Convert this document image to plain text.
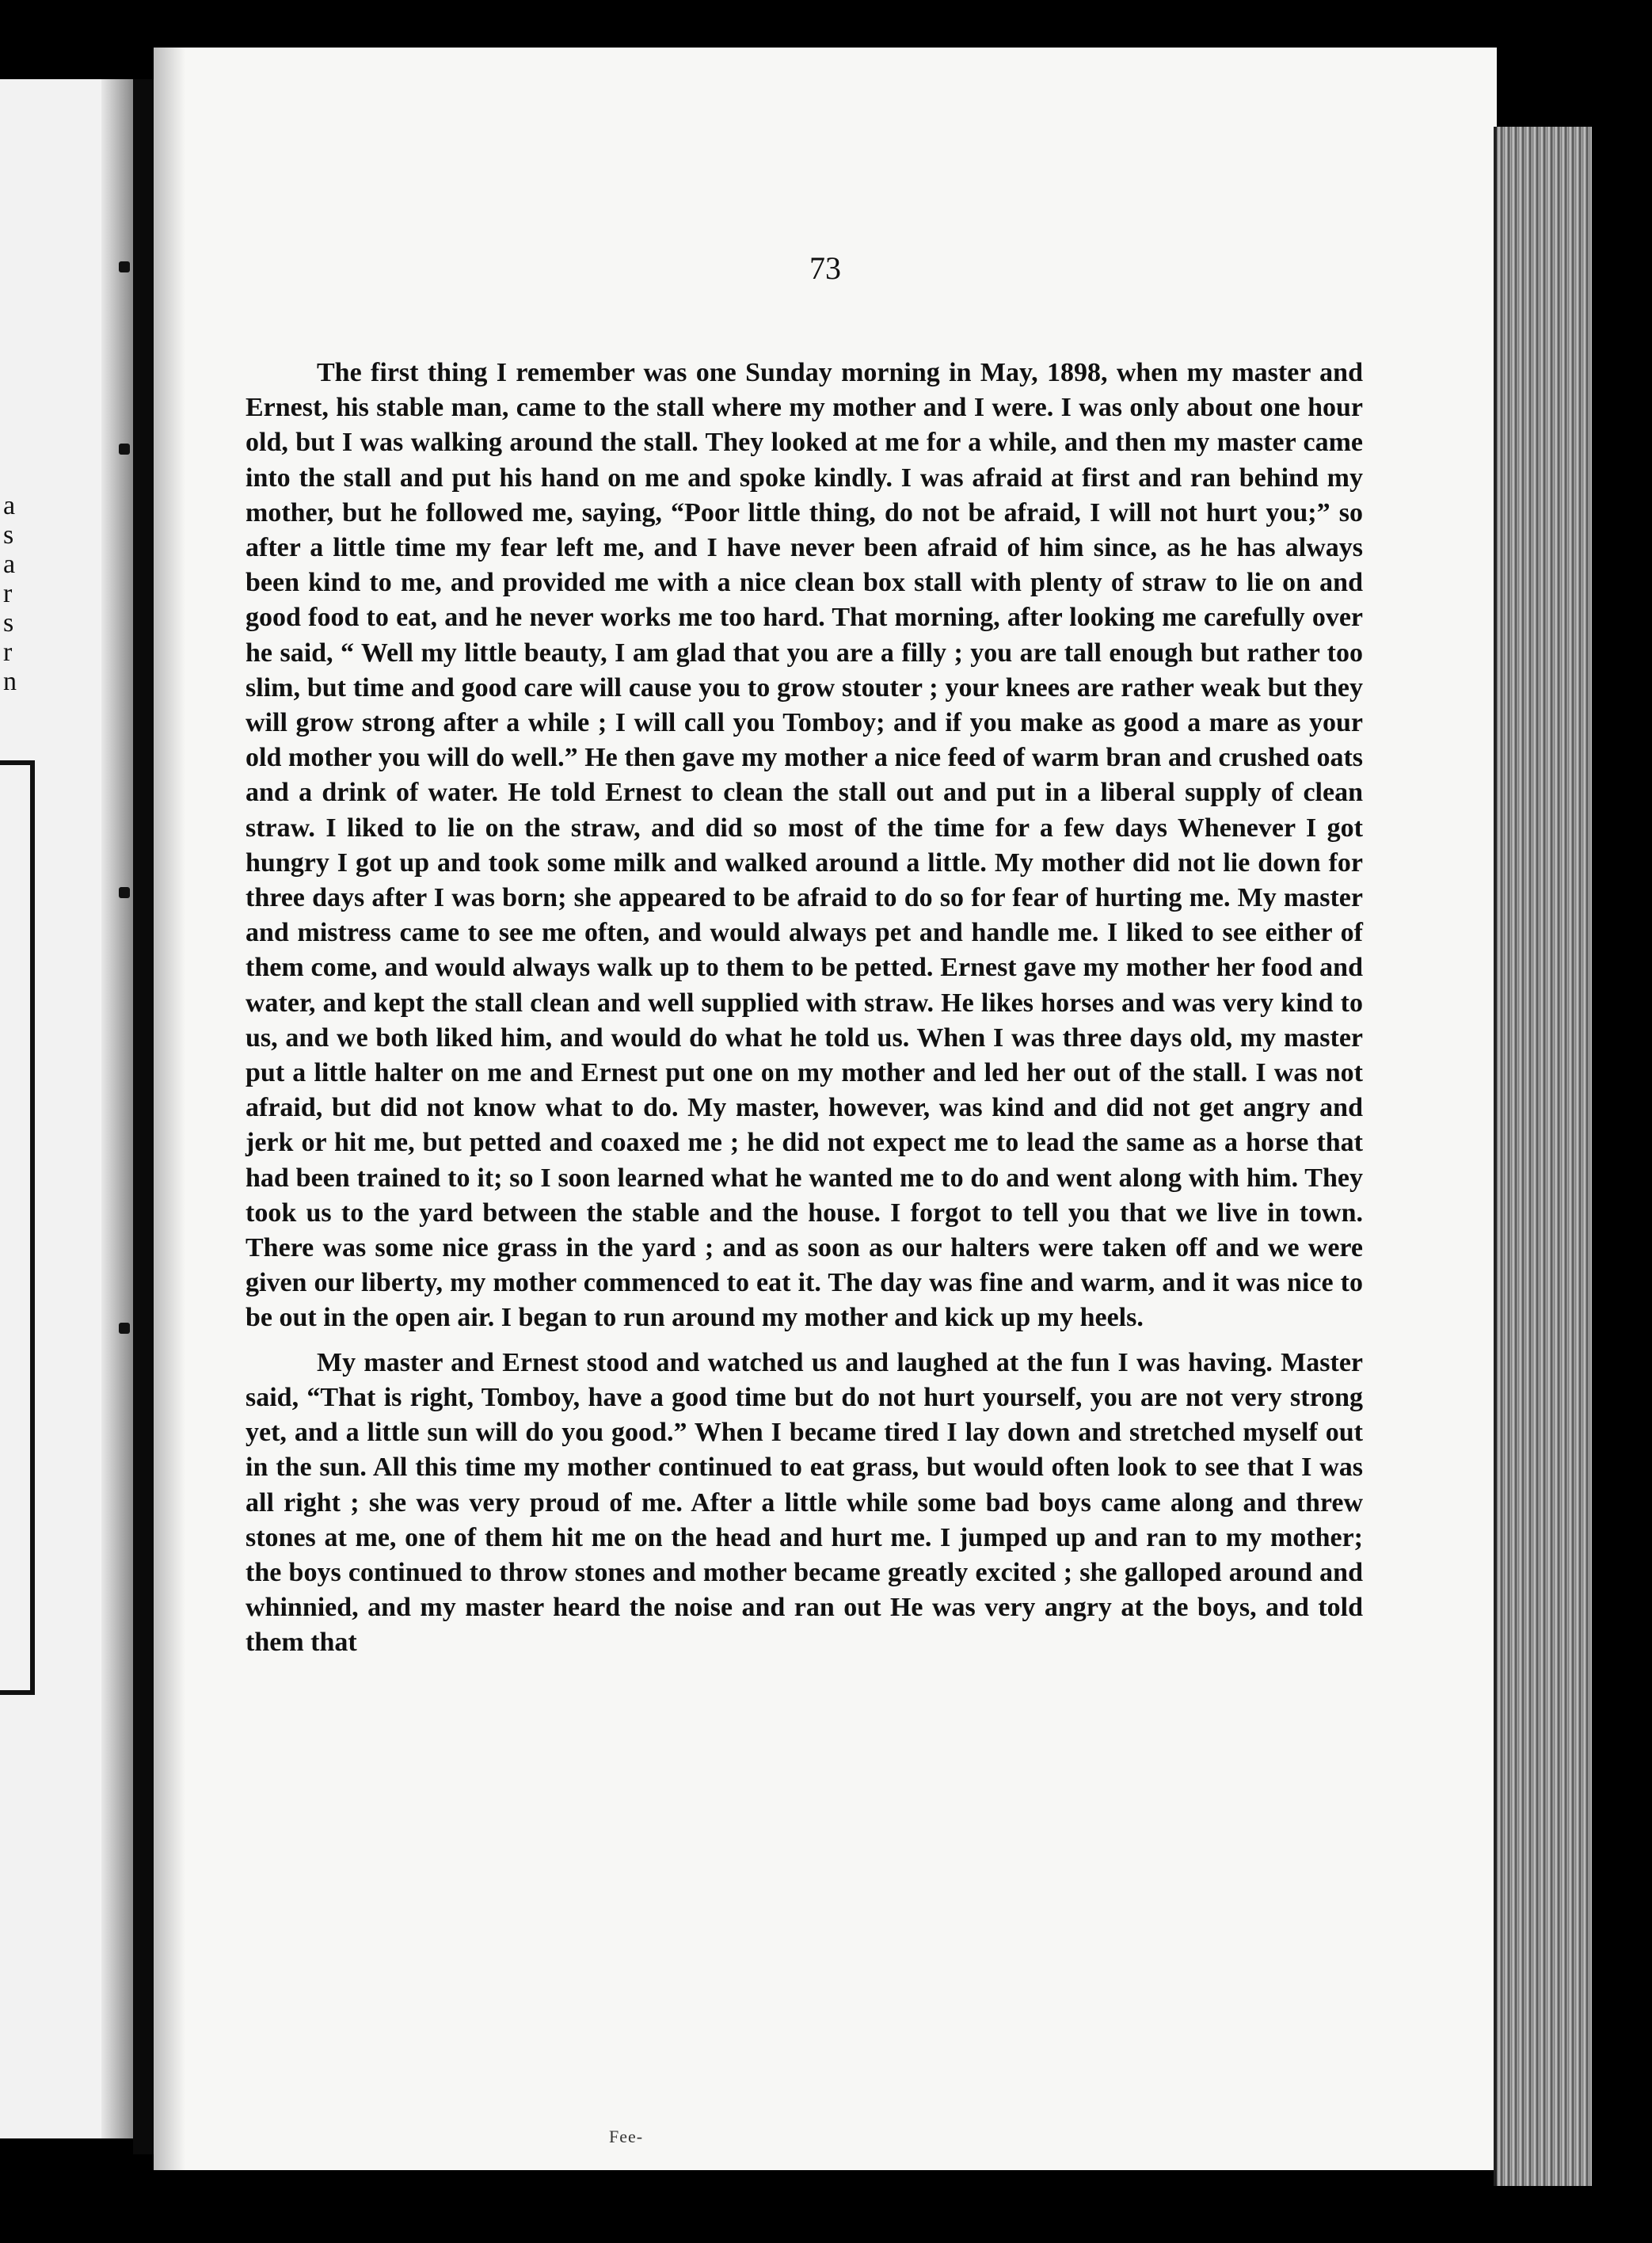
a
s
a
r
s
r
n
73

The first thing I remember was one Sunday morning in May, 1898, when my master and Ernest, his stable man, came to the stall where my mother and I were. I was only about one hour old, but I was walking around the stall. They looked at me for a while, and then my master came into the stall and put his hand on me and spoke kindly. I was afraid at first and ran behind my mother, but he followed me, saying, “Poor little thing, do not be afraid, I will not hurt you;” so after a little time my fear left me, and I have never been afraid of him since, as he has always been kind to me, and provided me with a nice clean box stall with plenty of straw to lie on and good food to eat, and he never works me too hard. That morning, after looking me carefully over he said, “ Well my little beauty, I am glad that you are a filly ; you are tall enough but rather too slim, but time and good care will cause you to grow stouter ; your knees are rather weak but they will grow strong after a while ; I will call you Tomboy; and if you make as good a mare as your old mother you will do well.” He then gave my mother a nice feed of warm bran and crushed oats and a drink of water. He told Ernest to clean the stall out and put in a liberal supply of clean straw. I liked to lie on the straw, and did so most of the time for a few days Whenever I got hungry I got up and took some milk and walked around a little. My mother did not lie down for three days after I was born; she appeared to be afraid to do so for fear of hurting me. My master and mistress came to see me often, and would always pet and handle me. I liked to see either of them come, and would always walk up to them to be petted. Ernest gave my mother her food and water, and kept the stall clean and well supplied with straw. He likes horses and was very kind to us, and we both liked him, and would do what he told us. When I was three days old, my master put a little halter on me and Ernest put one on my mother and led her out of the stall. I was not afraid, but did not know what to do. My master, however, was kind and did not get angry and jerk or hit me, but petted and coaxed me ; he did not expect me to lead the same as a horse that had been trained to it; so I soon learned what he wanted me to do and went along with him. They took us to the yard between the stable and the house. I forgot to tell you that we live in town. There was some nice grass in the yard ; and as soon as our halters were taken off and we were given our liberty, my mother commenced to eat it. The day was fine and warm, and it was nice to be out in the open air. I began to run around my mother and kick up my heels.

My master and Ernest stood and watched us and laughed at the fun I was having. Master said, “That is right, Tomboy, have a good time but do not hurt yourself, you are not very strong yet, and a little sun will do you good.” When I became tired I lay down and stretched myself out in the sun. All this time my mother continued to eat grass, but would often look to see that I was all right ; she was very proud of me. After a little while some bad boys came along and threw stones at me, one of them hit me on the head and hurt me. I jumped up and ran to my mother; the boys continued to throw stones and mother became greatly excited ; she galloped around and whinnied, and my master heard the noise and ran out He was very angry at the boys, and told them that

Fee-
